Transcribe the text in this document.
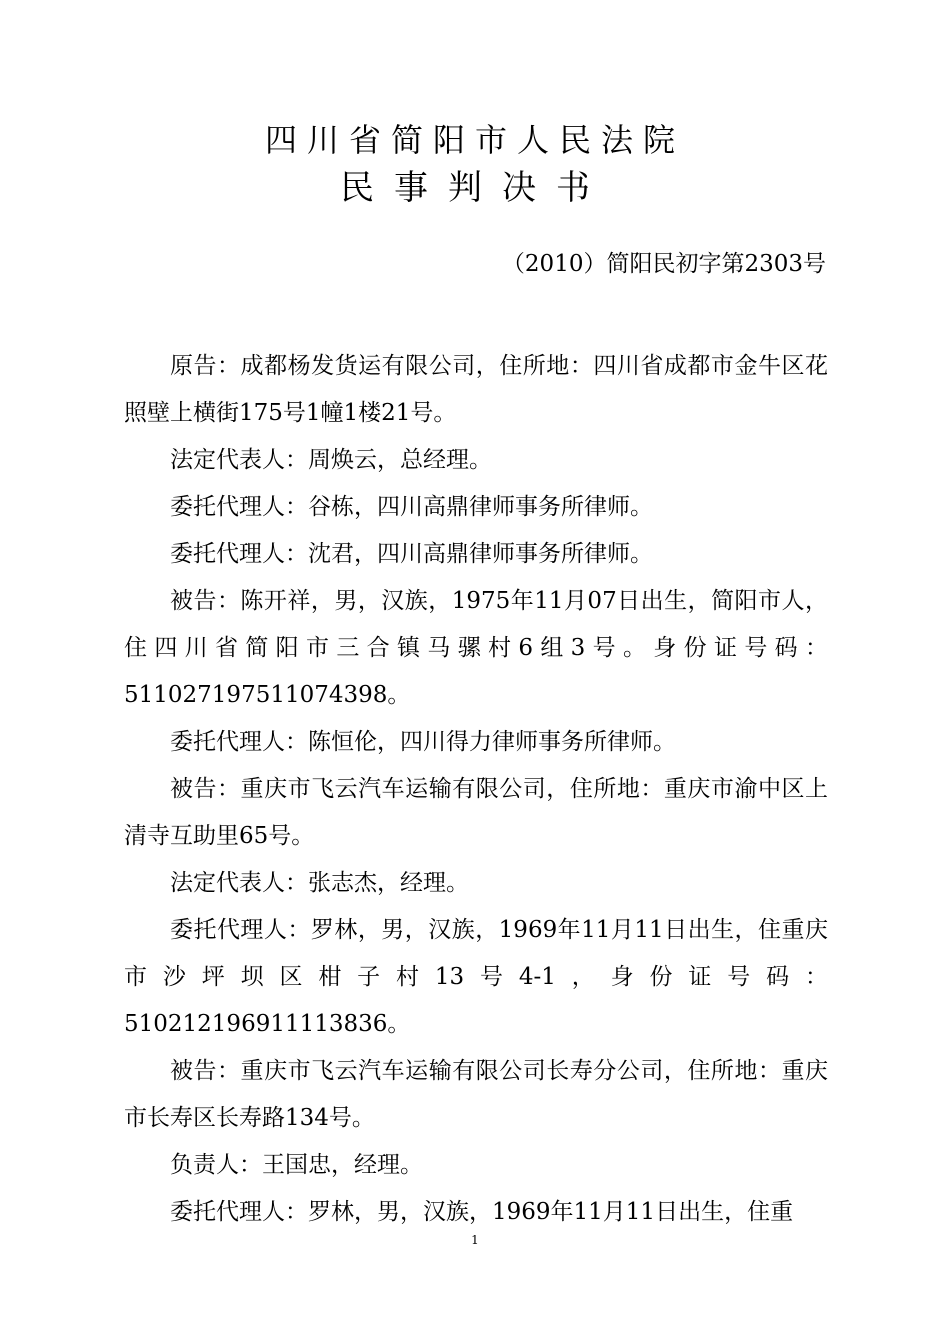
四川省简阳市人民法院
民事判决书
（2010）简阳民初字第2303号

原告：成都杨发货运有限公司，住所地：四川省成都市金牛区花照壁上横街175号1幢1楼21号。

法定代表人：周焕云，总经理。

委托代理人：谷栋，四川高鼎律师事务所律师。

委托代理人：沈君，四川高鼎律师事务所律师。

被告：陈开祥，男，汉族，1975年11月07日出生，简阳市人，住四川省简阳市三合镇马骡村6组3号。身份证号码：511027197511074398。

委托代理人：陈恒伦，四川得力律师事务所律师。

被告：重庆市飞云汽车运输有限公司，住所地：重庆市渝中区上清寺互助里65号。

法定代表人：张志杰，经理。

委托代理人：罗林，男，汉族，1969年11月11日出生，住重庆市沙坪坝区柑子村13号4-1，身份证号码：510212196911113836。

被告：重庆市飞云汽车运输有限公司长寿分公司，住所地：重庆市长寿区长寿路134号。

负责人：王国忠，经理。

委托代理人：罗林，男，汉族，1969年11月11日出生，住重

1
